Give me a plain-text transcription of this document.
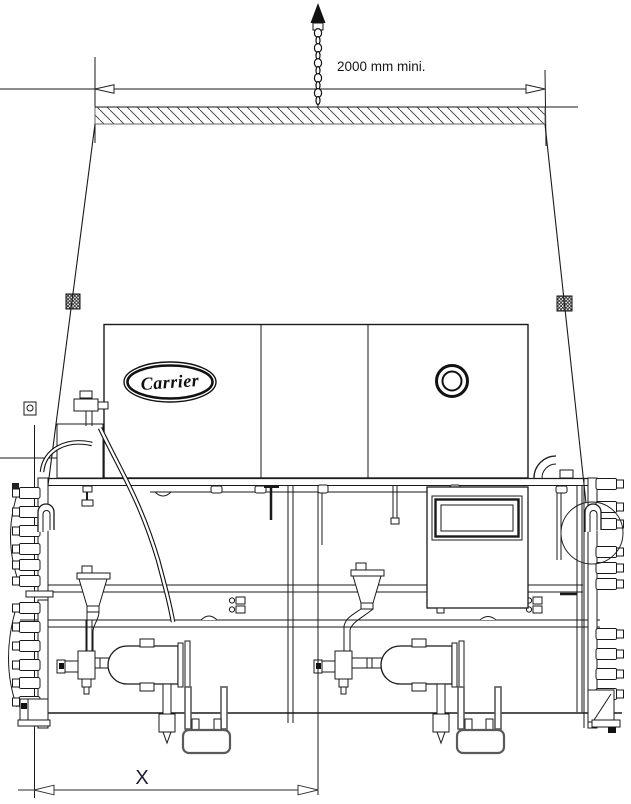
2000 mm mini.
Carrier
X
